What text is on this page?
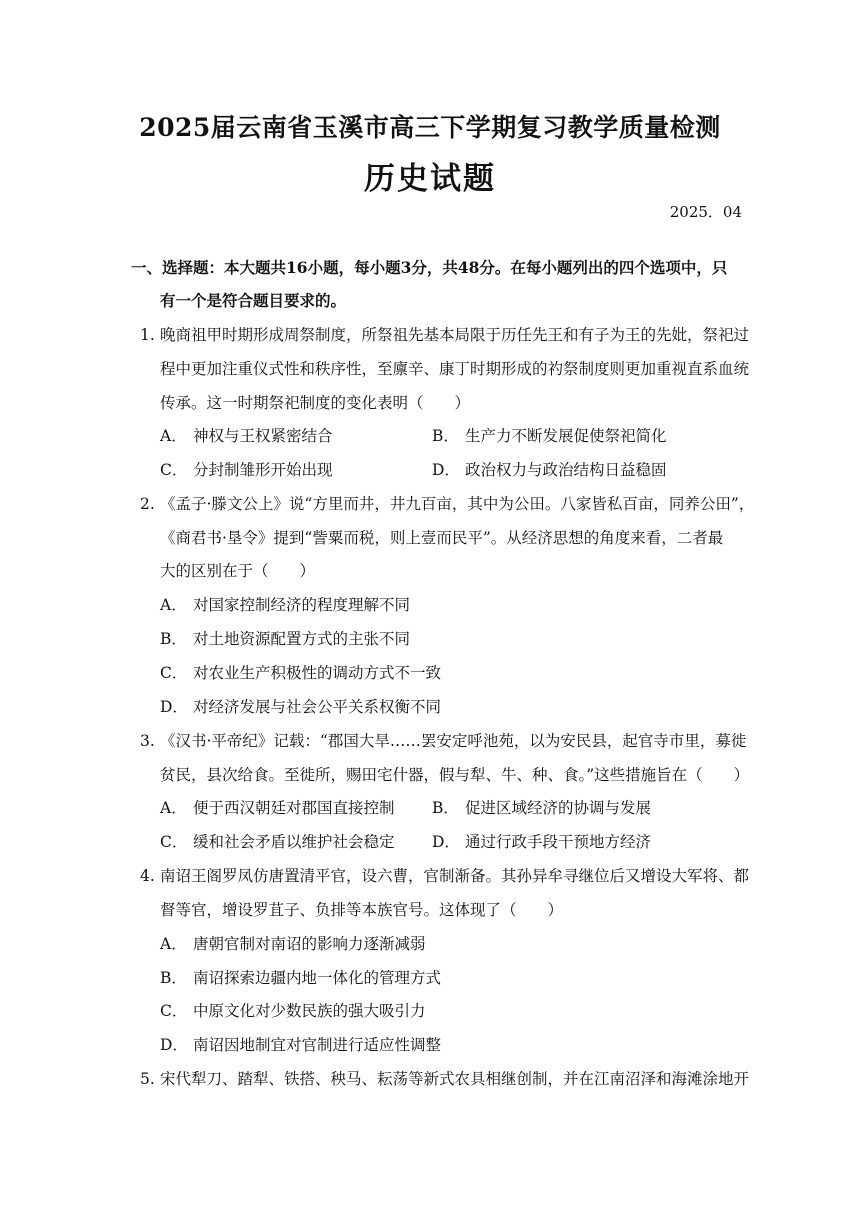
2025届云南省玉溪市高三下学期复习教学质量检测
历史试题
2025．04
一、选择题：本大题共16小题，每小题3分，共48分。在每小题列出的四个选项中，只
有一个是符合题目要求的。
1. 晚商祖甲时期形成周祭制度，所祭祖先基本局限于历任先王和有子为王的先妣，祭祀过
程中更加注重仪式性和秩序性，至廪辛、康丁时期形成的礿祭制度则更加重视直系血统
传承。这一时期祭祀制度的变化表明（　　）
A． 神权与王权紧密结合	B． 生产力不断发展促使祭祀简化
C． 分封制雏形开始出现	D． 政治权力与政治结构日益稳固
2. 《孟子·滕文公上》说“方里而井，井九百亩，其中为公田。八家皆私百亩，同养公田”，
《商君书·垦令》提到“訾粟而税，则上壹而民平”。从经济思想的角度来看，二者最
大的区别在于（　　）
A． 对国家控制经济的程度理解不同
B． 对土地资源配置方式的主张不同
C． 对农业生产积极性的调动方式不一致
D． 对经济发展与社会公平关系权衡不同
3. 《汉书·平帝纪》记载：“郡国大旱……罢安定呼池苑，以为安民县，起官寺市里，募徙
贫民，县次给食。至徙所，赐田宅什器，假与犁、牛、种、食。”这些措施旨在（　　）
A． 便于西汉朝廷对郡国直接控制 B． 促进区域经济的协调与发展
C． 缓和社会矛盾以维护社会稳定 D． 通过行政手段干预地方经济
4. 南诏王阁罗凤仿唐置清平官，设六曹，官制渐备。其孙异牟寻继位后又增设大军将、都
督等官，增设罗苴子、负排等本族官号。这体现了（　　）
A． 唐朝官制对南诏的影响力逐渐减弱
B． 南诏探索边疆内地一体化的管理方式
C． 中原文化对少数民族的强大吸引力
D． 南诏因地制宜对官制进行适应性调整
5. 宋代犁刀、踏犁、铁搭、秧马、耘荡等新式农具相继创制，并在江南沼泽和海滩涂地开
